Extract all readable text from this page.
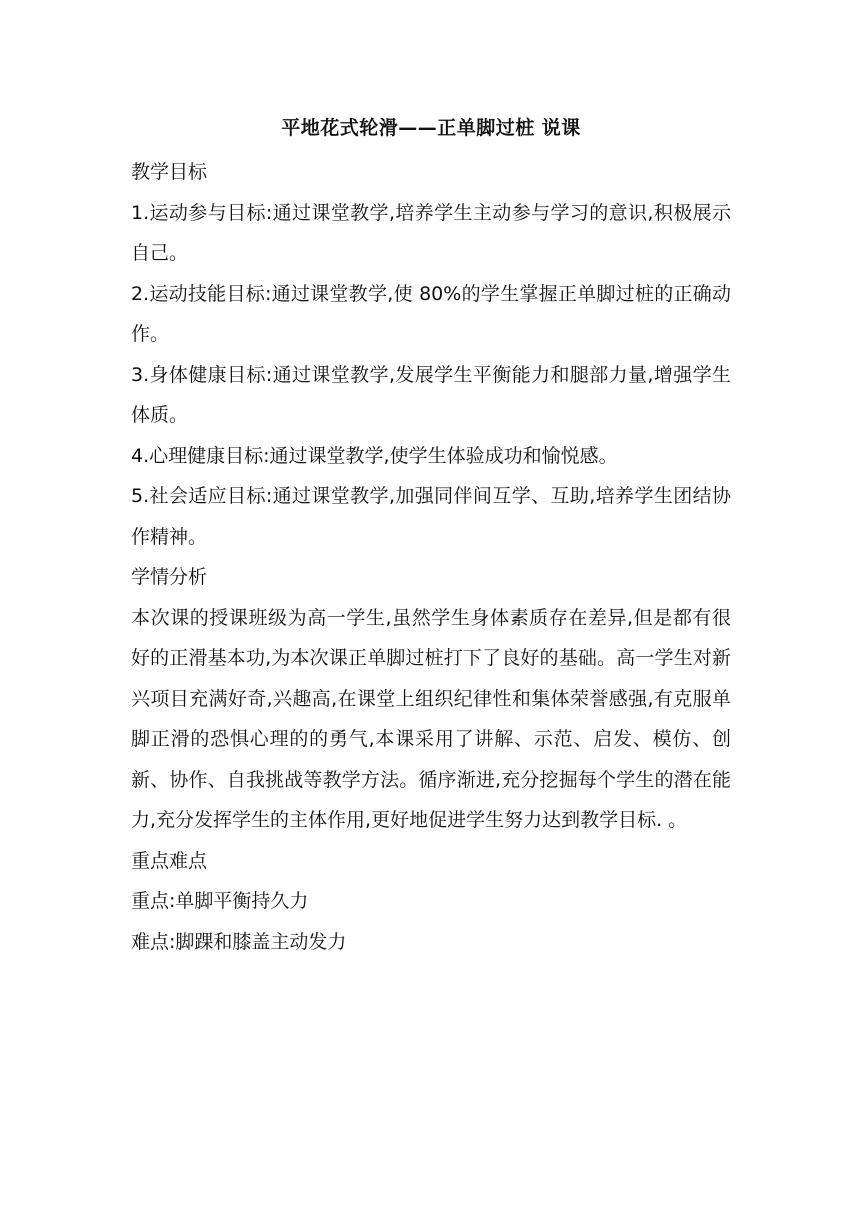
平地花式轮滑——正单脚过桩 说课

教学目标

1.运动参与目标:通过课堂教学,培养学生主动参与学习的意识,积极展示自己。

2.运动技能目标:通过课堂教学,使 80%的学生掌握正单脚过桩的正确动作。

3.身体健康目标:通过课堂教学,发展学生平衡能力和腿部力量,增强学生体质。

4.心理健康目标:通过课堂教学,使学生体验成功和愉悦感。

5.社会适应目标:通过课堂教学,加强同伴间互学、互助,培养学生团结协作精神。

学情分析

本次课的授课班级为高一学生,虽然学生身体素质存在差异,但是都有很好的正滑基本功,为本次课正单脚过桩打下了良好的基础。高一学生对新兴项目充满好奇,兴趣高,在课堂上组织纪律性和集体荣誉感强,有克服单脚正滑的恐惧心理的的勇气,本课采用了讲解、示范、启发、模仿、创新、协作、自我挑战等教学方法。循序渐进,充分挖掘每个学生的潜在能力,充分发挥学生的主体作用,更好地促进学生努力达到教学目标. 。

重点难点

重点:单脚平衡持久力

难点:脚踝和膝盖主动发力
